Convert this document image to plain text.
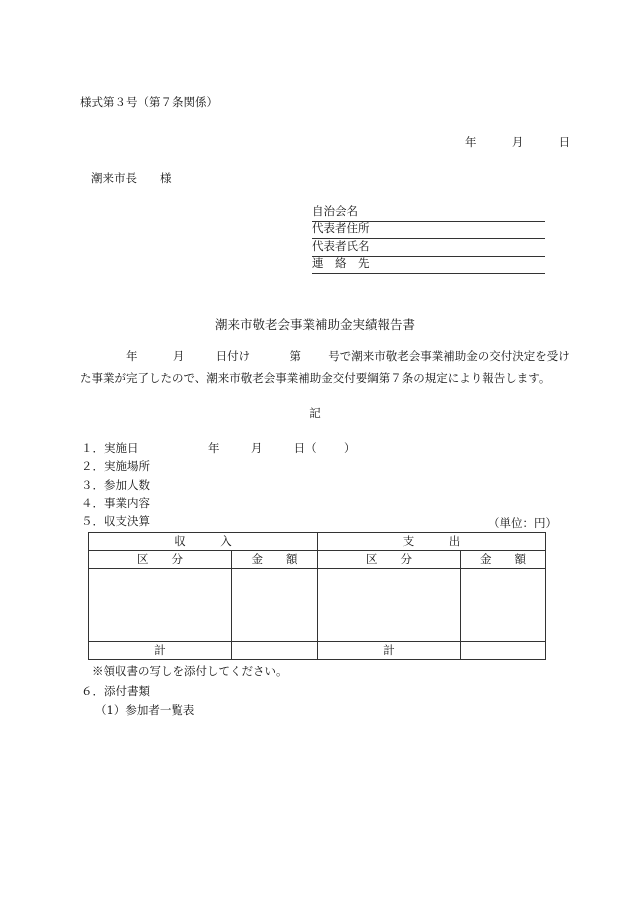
様式第３号（第７条関係）
年	月	日
潮来市長　　様
自治会名
代表者住所
代表者氏名
連　絡　先
潮来市敬老会事業補助金実績報告書
年	月	日付け	第 号で潮来市敬老会事業補助金の交付決定を受け
た事業が完了したので、潮来市敬老会事業補助金交付要綱第７条の規定により報告します。
記
１．実施日	年	月	日（ ）
２．実施場所
３．参加人数
４．事業内容
５．収支決算	（単位：円）
収　　　入		支　　　出	
区　　分	金　　額	区　　分	金　　額

計		計	
※領収書の写しを添付してください。
６．添付書類
（1）参加者一覧表
